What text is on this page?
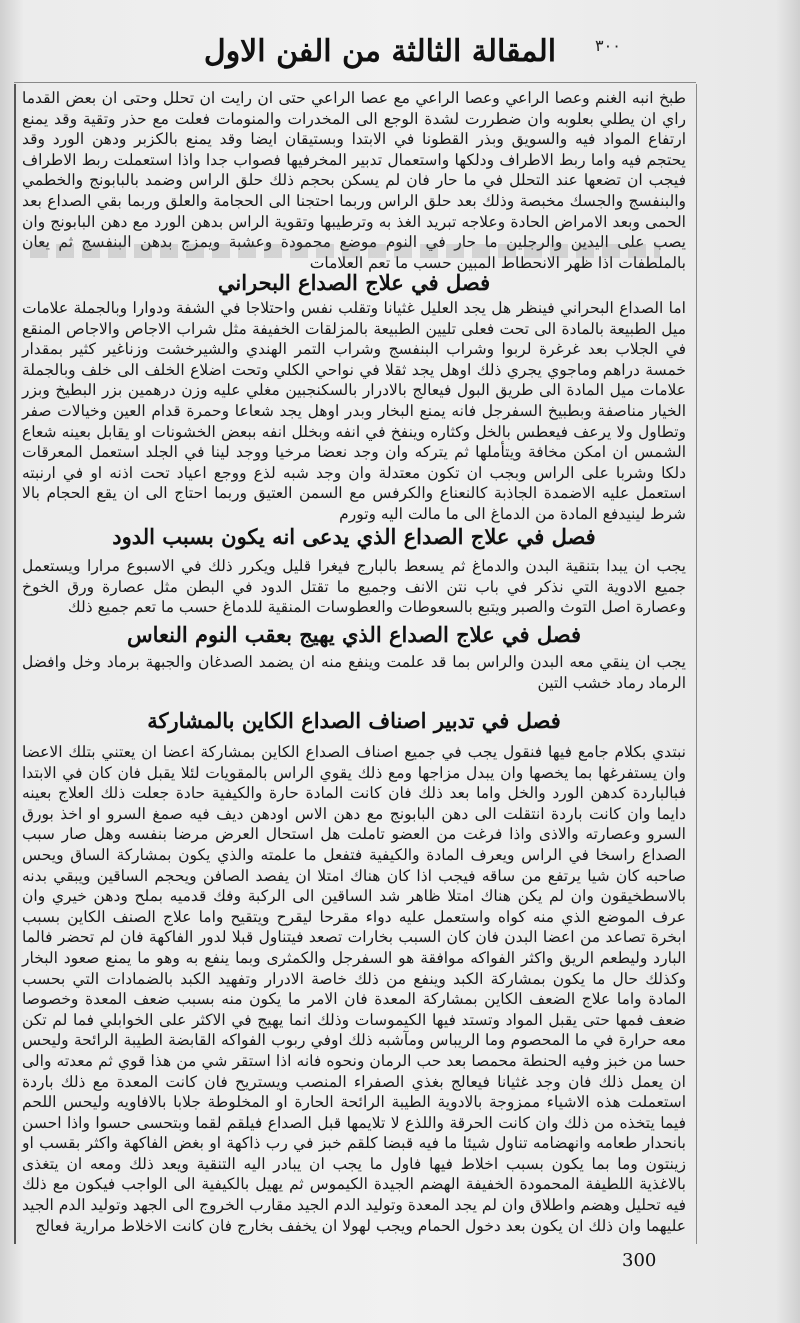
٣٠٠
المقالة الثالثة من الفن الاول

طبخ انبه الغنم وعصا الراعي وعصا الراعي مع عصا الراعي حتى ان رايت ان تحلل وحتى ان بعض القدما راي ان يطلي بعلوبه وان ضطررت لشدة الوجع الى المخدرات والمنومات فعلت مع حذر وتقية وقد يمنع ارتفاع المواد فيه والسويق وبذر القطونا في الابتدا وبستيقان ايضا وقد يمنع بالكزبر ودهن الورد وقد يحتجم فيه واما ربط الاطراف ودلكها واستعمال تدبير المخرفيها فصواب جدا واذا استعملت ربط الاطراف فيجب ان تضعها عند التحلل في ما حار فان لم يسكن بحجم ذلك حلق الراس وضمد بالبابونج والخطمي والبنفسج والجسك مخبصة وذلك بعد حلق الراس وربما احتجنا الى الحجامة والعلق وربما بقي الصداع بعد الحمى وبعد الامراض الحادة وعلاجه تبريد الغذ به وترطيبها وتقوية الراس بدهن الورد مع دهن البابونج وان يصب على اليدين والرجلين ما حار في النوم موضع محمودة وعشبة ويمزج بدهن البنفسج ثم يعان بالملطفات اذا ظهر الانحطاط المبين حسب ما تعم العلامات

فصل في علاج الصداع البحراني

اما الصداع البحراني فينظر هل يجد العليل غثيانا وتقلب نفس واحتلاجا في الشفة ودوارا وبالجملة علامات ميل الطبيعة بالمادة الى تحت فعلى تليين الطبيعة بالمزلقات الخفيفة مثل شراب الاجاص والاجاص المنقع في الجلاب بعد غرغرة لربوا وشراب البنفسج وشراب التمر الهندي والشيرخشت وزناغير كثير بمقدار خمسة دراهم وماجوي يجري ذلك اوهل يجد ثقلا في نواحي الكلي وتحت اضلاع الخلف الى خلف وبالجملة علامات ميل المادة الى طريق البول فيعالج بالادرار بالسكنجبين مغلي عليه وزن درهمين بزر البطيخ وبزر الخيار مناصفة وبطبيخ السفرجل فانه يمنع البخار وبدر اوهل يجد شعاعا وحمرة قدام العين وخيالات صفر وتطاول ولا يرعف فيعطس بالخل وكثاره وينفخ في انفه وبخلل انفه ببعض الخشونات او يقابل بعينه شعاع الشمس ان امكن مخافة ويتأملها ثم يتركه وان وجد نعضا مرخيا ووجد لينا في الجلد استعمل المعرقات دلكا وشربا على الراس وبجب ان تكون معتدلة وان وجد شبه لذع ووجع اعياد تحت اذنه او في ارنبته استعمل عليه الاضمدة الجاذبة كالنعناع والكرفس مع السمن العتيق وربما احتاج الى ان يقع الحجام بالا شرط لينيدفع المادة من الدماغ الى ما مالت اليه وتورم

فصل في علاج الصداع الذي يدعى انه يكون بسبب الدود

يجب ان يبدا بتنقية البدن والدماغ ثم يسعط بالبارج فيغرا قليل ويكرر ذلك في الاسبوع مرارا ويستعمل جميع الادوية التي نذكر في باب نتن الانف وجميع ما تقتل الدود في البطن مثل عصارة ورق الخوخ وعصارة اصل التوث والصبر ويتبع بالسعوطات والعطوسات المنقية للدماغ حسب ما تعم جميع ذلك

فصل في علاج الصداع الذي يهيج بعقب النوم النعاس

يجب ان ينقي معه البدن والراس بما قد علمت وينفع منه ان يضمد الصدغان والجبهة برماد وخل وافضل الرماد رماد خشب التين

فصل في تدبير اصناف الصداع الكاين بالمشاركة

نبتدي بكلام جامع فيها فنقول يجب في جميع اصناف الصداع الكاين بمشاركة اعضا ان يعتني بتلك الاعضا وان يستفرغها بما يخصها وان يبدل مزاجها ومع ذلك يقوي الراس بالمقويات لئلا يقبل فان كان في الابتدا فبالباردة كدهن الورد والخل واما بعد ذلك فان كانت المادة حارة والكيفية حادة جعلت ذلك العلاج بعينه دايما وان كانت باردة انتقلت الى دهن البابونج مع دهن الاس اودهن ديف فيه صمغ السرو او اخذ بورق السرو وعصارته والاذى واذا فرغت من العضو تاملت هل استحال العرض مرضا بنفسه وهل صار سبب الصداع راسخا في الراس ويعرف المادة والكيفية فتفعل ما علمته والذي يكون بمشاركة الساق ويحس صاحبه كان شيا يرتفع من ساقه فيجب اذا كان هناك امتلا ان يفصد الصافن ويحجم الساقين ويبقي بدنه بالاسطخيقون وان لم يكن هناك امتلا ظاهر شد الساقين الى الركبة وفك قدميه بملح ودهن خيري وان عرف الموضع الذي منه كواه واستعمل عليه دواء مقرحا ليقرح ويتقيح واما علاج الصنف الكاين بسبب ابخرة تصاعد من اعضا البدن فان كان السبب بخارات تصعد فيتناول قبلا لدور الفاكهة فان لم تحضر فالما البارد وليطعم الريق واكثر الفواكه موافقة هو السفرجل والكمثرى وبما ينفع به وهو ما يمنع صعود البخار وكذلك حال ما يكون بمشاركة الكبد وينفع من ذلك خاصة الادرار وتفهيد الكبد بالضمادات التي بحسب المادة واما علاج الضعف الكاين بمشاركة المعدة فان الامر ما يكون منه بسبب ضعف المعدة وخصوصا ضعف فمها حتى يقبل المواد وتستد فيها الكيموسات وذلك انما يهيج في الاكثر على الخوابلي فما لم تكن معه حرارة في ما المحصوم وما الريباس ومآشبه ذلك اوفي ربوب الفواكه القابضة الطيبة الرائحة وليحس حسا من خبز وفيه الحنطة محمصا بعد حب الرمان ونحوه فانه اذا استقر شي من هذا قوي ثم معدته والى ان يعمل ذلك فان وجد غثيانا فيعالج بغذي الصفراء المنصب ويستريح فان كانت المعدة مع ذلك باردة استعملت هذه الاشياء ممزوجة بالادوية الطيبة الرائحة الحارة او المخلوطة جلابا بالافاويه وليحس اللحم فيما يتخذه من ذلك وان كانت الحرقة واللذع لا تلايمها قبل الصداع فيلقم لقما وبتحسى حسوا واذا احسن بانحدار طعامه وانهضامه تناول شيئا ما فيه قبضا كلقم خبز في رب ذاكهة او بغض الفاكهة واكثر بقسب او زينتون وما بما يكون بسبب اخلاط فيها فاول ما يجب ان يبادر اليه التنقية ويعد ذلك ومعه ان يتغذى بالاغذية اللطيفة المحمودة الخفيفة الهضم الجيدة الكيموس ثم يهيل بالكيفية الى الواجب فيكون مع ذلك فيه تحليل وهضم واطلاق وان لم يجد المعدة وتوليد الدم الجيد مقارب الخروج الى الجهد وتوليد الدم الجيد عليهما وان ذلك ان يكون بعد دخول الحمام ويجب لهولا ان يخفف بخارج فان كانت الاخلاط مرارية فعالج

300
